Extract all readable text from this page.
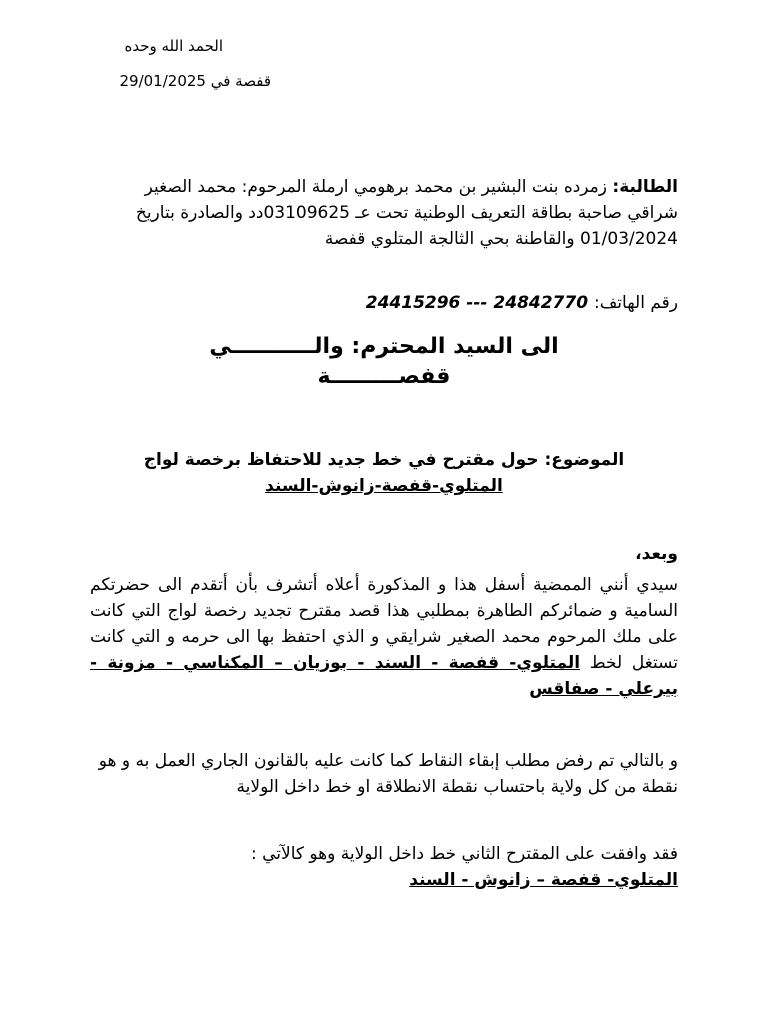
الحمد الله وحده
قفصة في 29/01/2025
الطالبة: زمرده بنت البشير بن محمد برهومي ارملة المرحوم: محمد الصغير شراقي صاحبة بطاقة التعريف الوطنية تحت عـ 03109625دد والصادرة بتاريخ 01/03/2024 والقاطنة بحي الثالجة المتلوي قفصة
رقم الهاتف: 24842770 --- 24415296
الى السيد المحترم: والـــــــــــي
قفصـــــــــة
الموضوع: حول مقترح في خط جديد للاحتفاظ برخصة لواج
المتلوي-قفصة-زانوش-السند
وبعد،
سيدي أنني الممضية أسفل هذا و المذكورة أعلاه أتشرف بأن أتقدم الى حضرتكم السامية و ضمائركم الطاهرة بمطلبي هذا قصد مقترح تجديد رخصة لواج التي كانت على ملك المرحوم محمد الصغير شرايقي و الذي احتفظ بها الى حرمه و التي كانت تستغل لخط المتلوي- قفصة - السند - بوزيان – المكناسي - مزونة - بيرعلي - صفاقس
و بالتالي تم رفض مطلب إبقاء النقاط كما كانت عليه بالقانون الجاري العمل به و هو نقطة من كل ولاية باحتساب نقطة الانطلاقة او خط داخل الولاية
فقد وافقت على المقترح الثاني خط داخل الولاية وهو كالآتي :
المتلوي- قفصة – زانوش - السند
